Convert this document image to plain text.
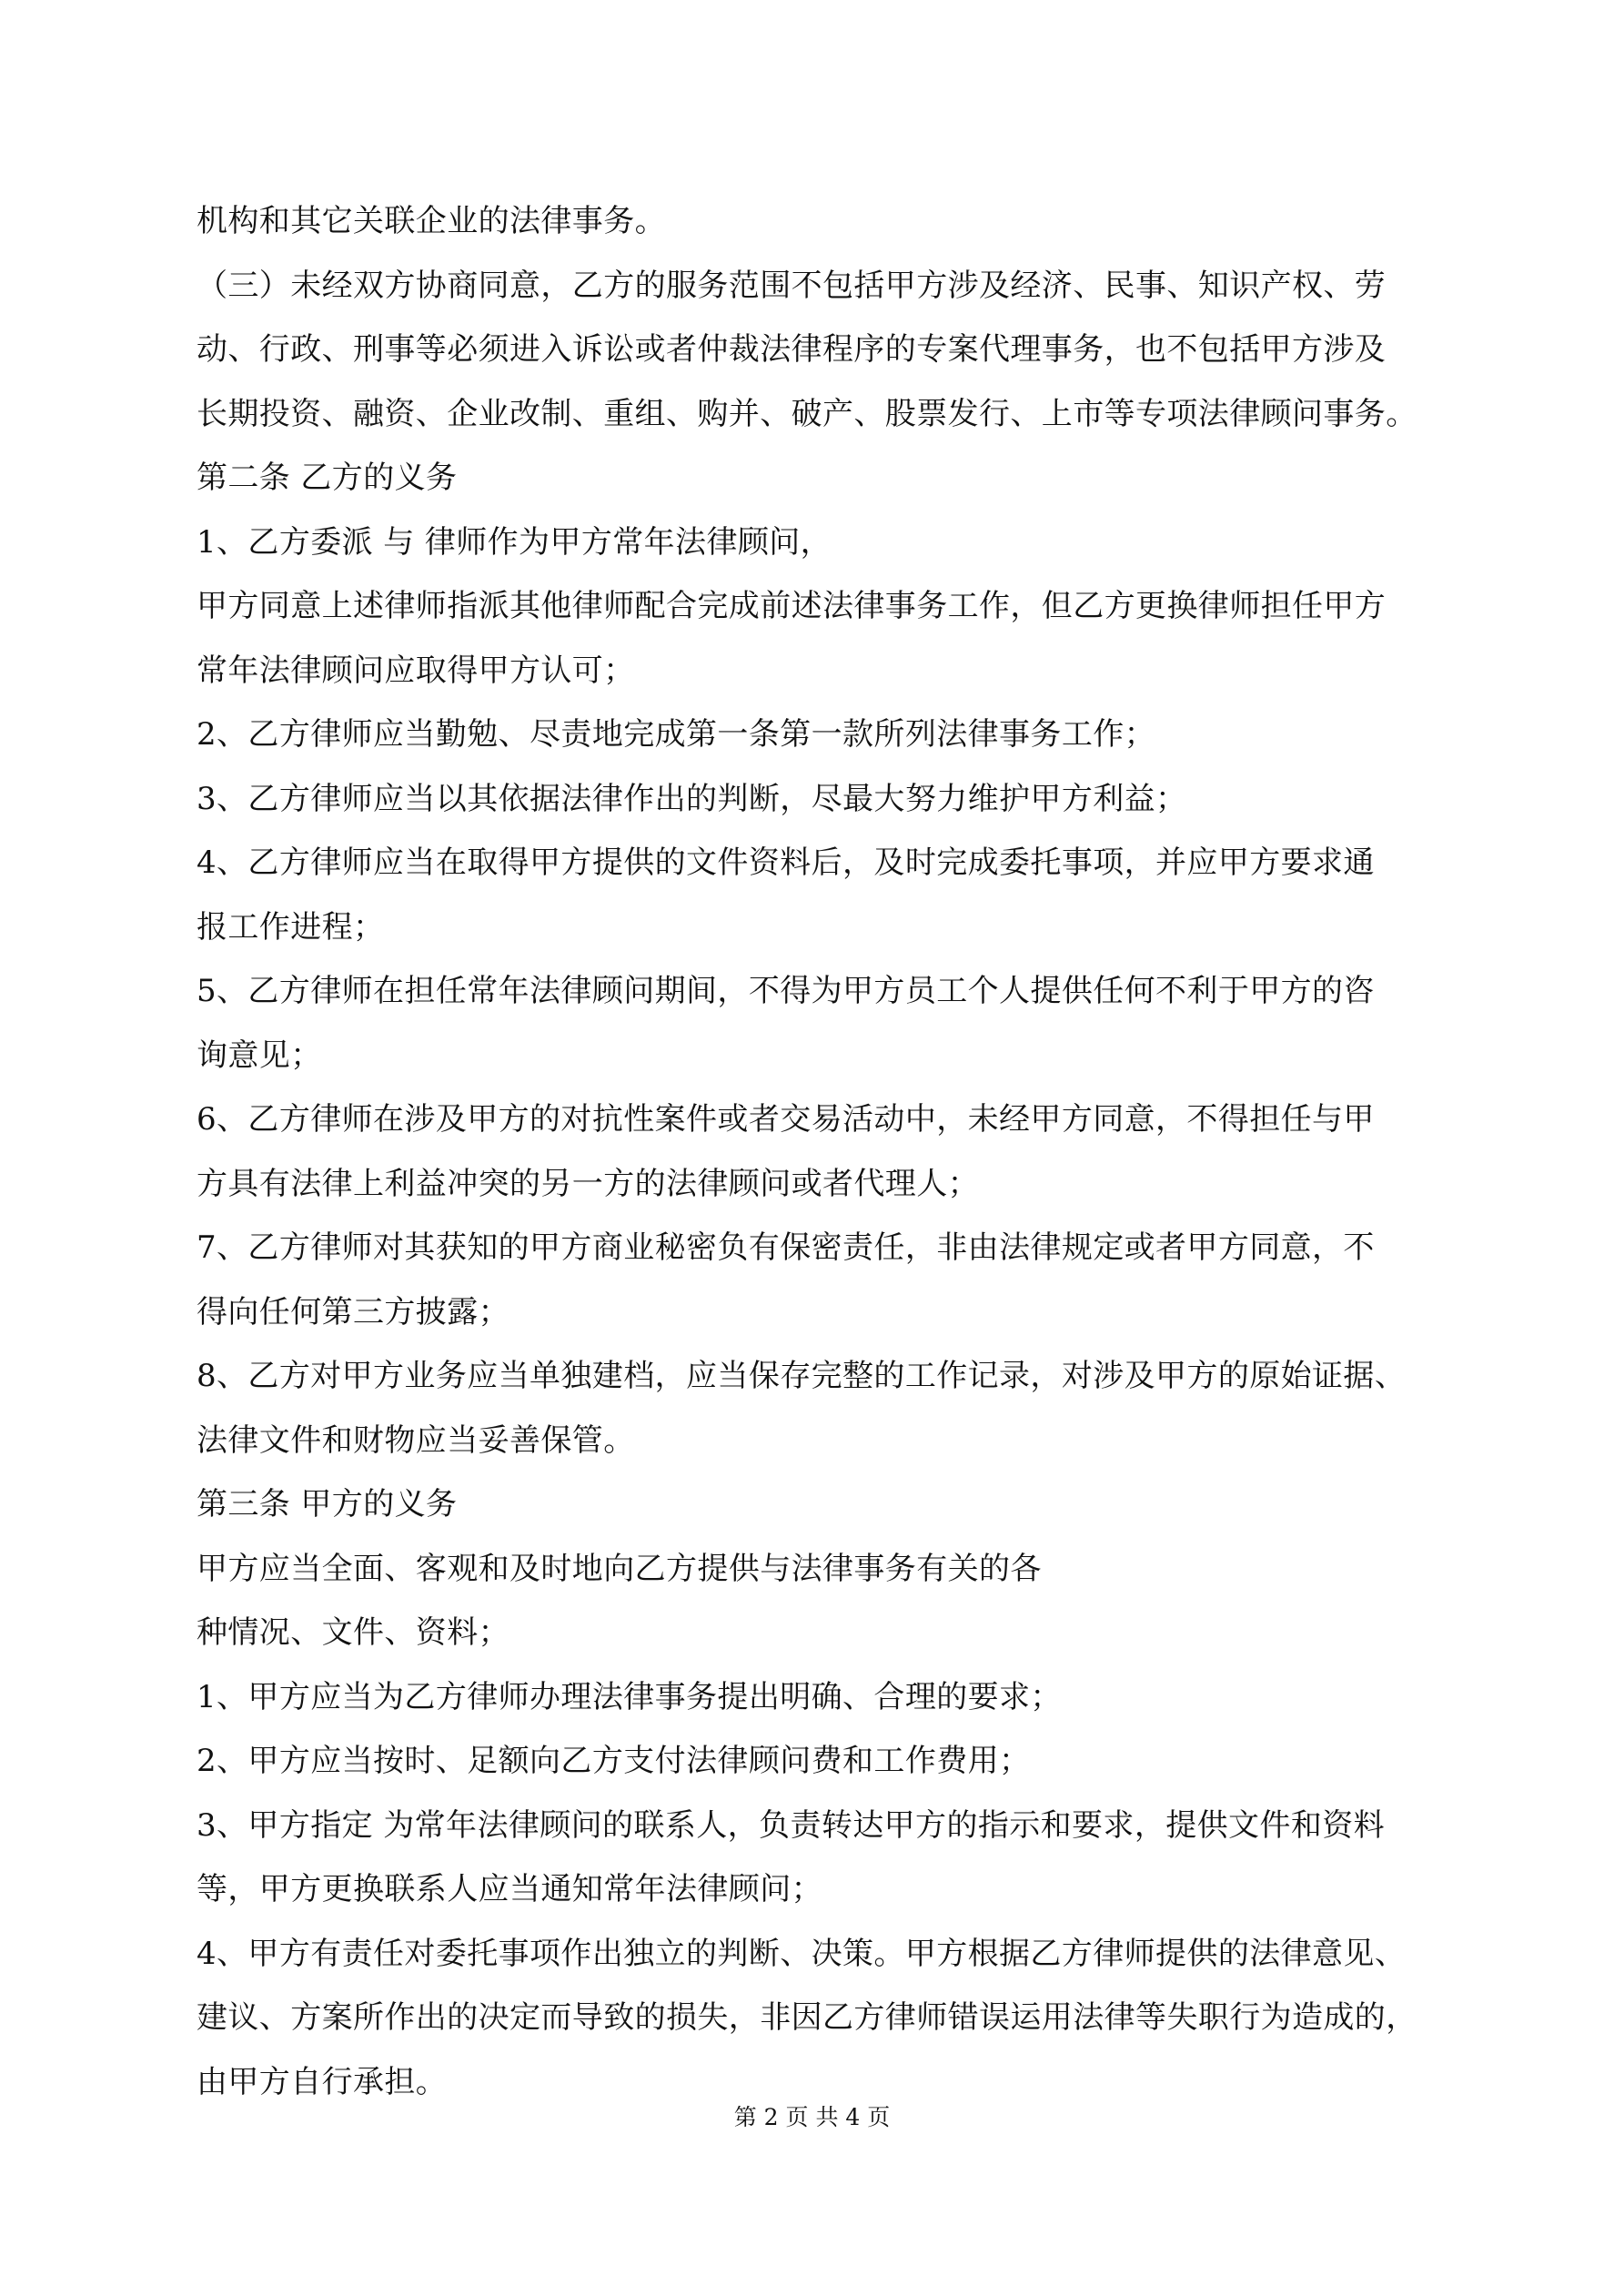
机构和其它关联企业的法律事务。
（三）未经双方协商同意，乙方的服务范围不包括甲方涉及经济、民事、知识产权、劳
动、行政、刑事等必须进入诉讼或者仲裁法律程序的专案代理事务，也不包括甲方涉及
长期投资、融资、企业改制、重组、购并、破产、股票发行、上市等专项法律顾问事务。
第二条 乙方的义务
1、乙方委派 与 律师作为甲方常年法律顾问，
甲方同意上述律师指派其他律师配合完成前述法律事务工作，但乙方更换律师担任甲方
常年法律顾问应取得甲方认可；
2、乙方律师应当勤勉、尽责地完成第一条第一款所列法律事务工作；
3、乙方律师应当以其依据法律作出的判断，尽最大努力维护甲方利益；
4、乙方律师应当在取得甲方提供的文件资料后，及时完成委托事项，并应甲方要求通
报工作进程；
5、乙方律师在担任常年法律顾问期间，不得为甲方员工个人提供任何不利于甲方的咨
询意见；
6、乙方律师在涉及甲方的对抗性案件或者交易活动中，未经甲方同意，不得担任与甲
方具有法律上利益冲突的另一方的法律顾问或者代理人；
7、乙方律师对其获知的甲方商业秘密负有保密责任，非由法律规定或者甲方同意，不
得向任何第三方披露；
8、乙方对甲方业务应当单独建档，应当保存完整的工作记录，对涉及甲方的原始证据、
法律文件和财物应当妥善保管。
第三条 甲方的义务
甲方应当全面、客观和及时地向乙方提供与法律事务有关的各
种情况、文件、资料；
1、甲方应当为乙方律师办理法律事务提出明确、合理的要求；
2、甲方应当按时、足额向乙方支付法律顾问费和工作费用；
3、甲方指定 为常年法律顾问的联系人，负责转达甲方的指示和要求，提供文件和资料
等，甲方更换联系人应当通知常年法律顾问；
4、甲方有责任对委托事项作出独立的判断、决策。甲方根据乙方律师提供的法律意见、
建议、方案所作出的决定而导致的损失，非因乙方律师错误运用法律等失职行为造成的，
由甲方自行承担。
第 2 页 共 4 页
